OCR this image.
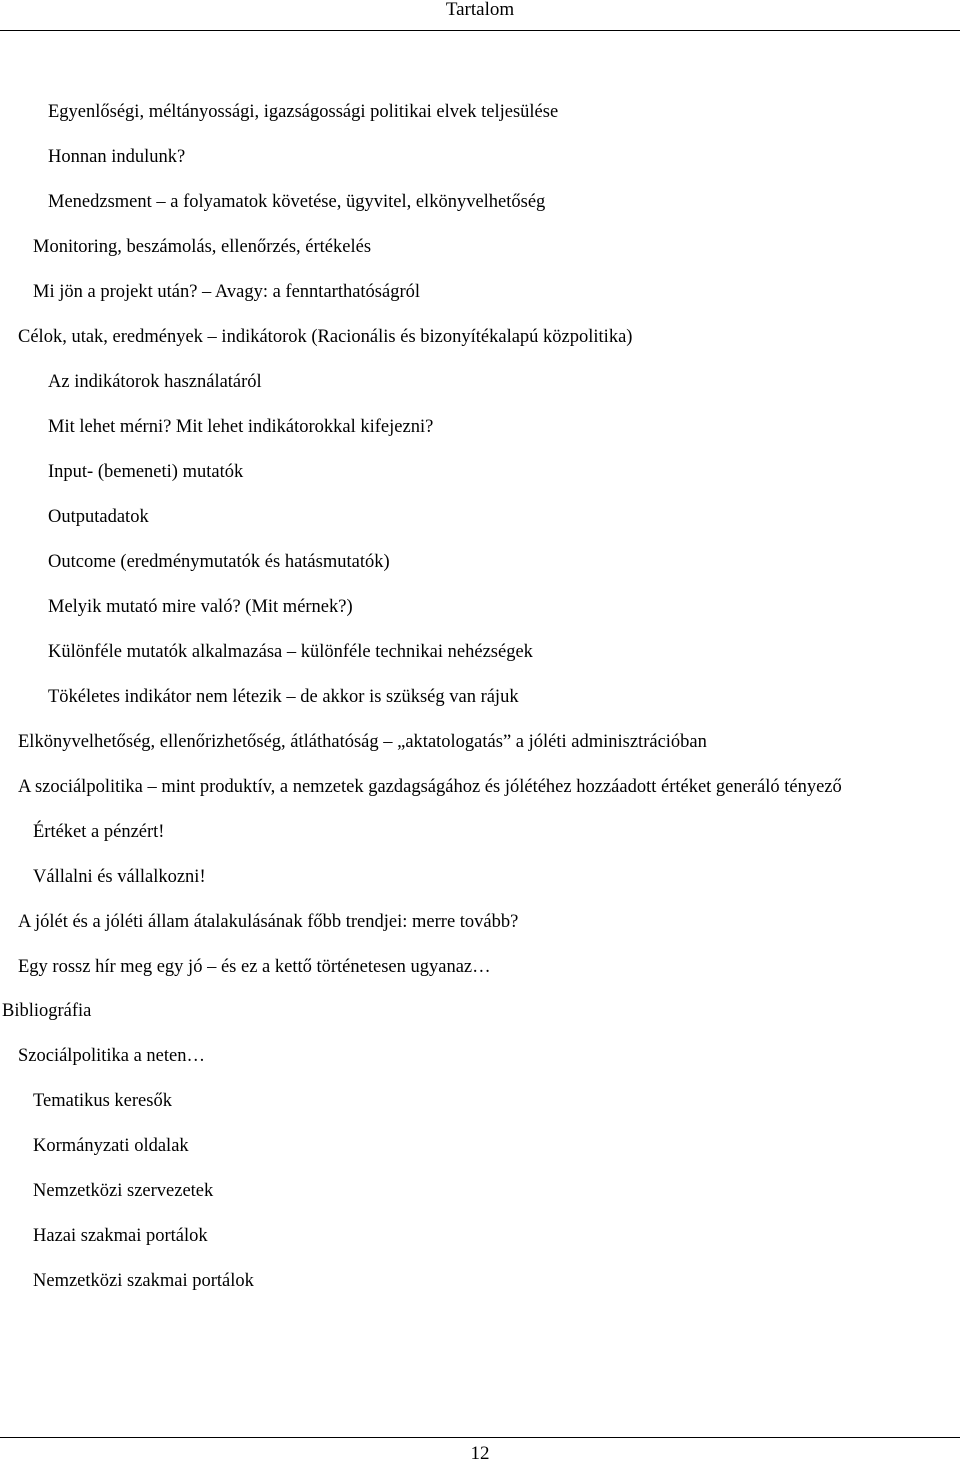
Tartalom
Egyenlőségi, méltányossági, igazságossági politikai elvek teljesülése
Honnan indulunk?
Menedzsment – a folyamatok követése, ügyvitel, elkönyvelhetőség
Monitoring, beszámolás, ellenőrzés, értékelés
Mi jön a projekt után? – Avagy: a fenntarthatóságról
Célok, utak, eredmények – indikátorok (Racionális és bizonyítékalapú közpolitika)
Az indikátorok használatáról
Mit lehet mérni? Mit lehet indikátorokkal kifejezni?
Input- (bemeneti) mutatók
Outputadatok
Outcome (eredménymutatók és hatásmutatók)
Melyik mutató mire való? (Mit mérnek?)
Különféle mutatók alkalmazása – különféle technikai nehézségek
Tökéletes indikátor nem létezik – de akkor is szükség van rájuk
Elkönyvelhetőség, ellenőrizhetőség, átláthatóság – „aktatologatás” a jóléti adminisztrációban
A szociálpolitika – mint produktív, a nemzetek gazdagságához és jólétéhez hozzáadott értéket generáló tényező
Értéket a pénzért!
Vállalni és vállalkozni!
A jólét és a jóléti állam átalakulásának főbb trendjei: merre tovább?
Egy rossz hír meg egy jó – és ez a kettő történetesen ugyanaz…
Bibliográfia
Szociálpolitika a neten…
Tematikus keresők
Kormányzati oldalak
Nemzetközi szervezetek
Hazai szakmai portálok
Nemzetközi szakmai portálok
12
